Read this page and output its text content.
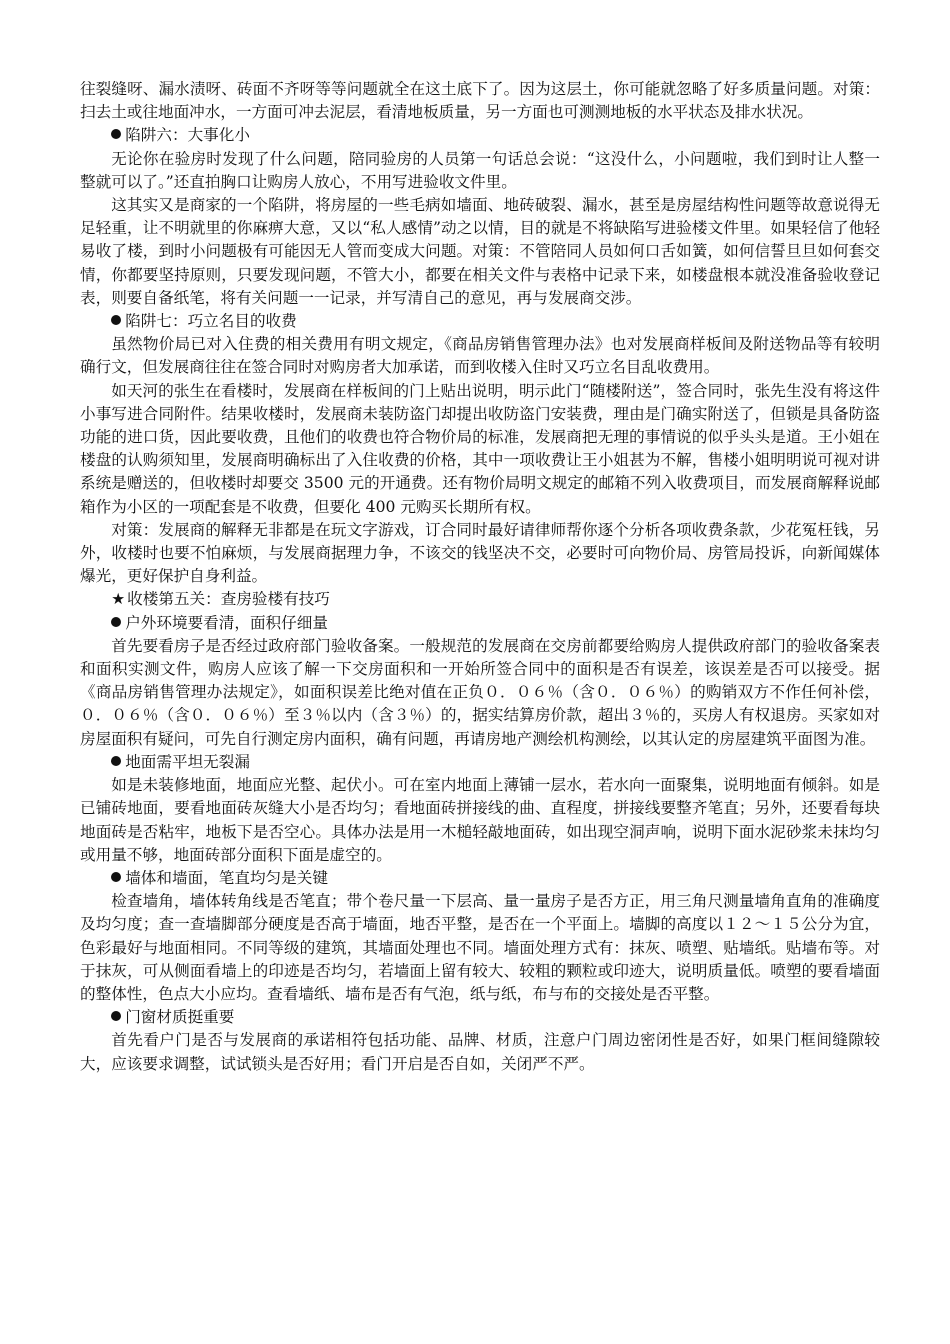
往裂缝呀、漏水渍呀、砖面不齐呀等等问题就全在这土底下了。因为这层土，你可能就忽略了好多质量问题。对策：扫去土或往地面冲水，一方面可冲去泥层，看清地板质量，另一方面也可测测地板的水平状态及排水状况。

陷阱六：大事化小

无论你在验房时发现了什么问题，陪同验房的人员第一句话总会说：“这没什么，小问题啦，我们到时让人整一整就可以了。”还直拍胸口让购房人放心，不用写进验收文件里。

这其实又是商家的一个陷阱，将房屋的一些毛病如墙面、地砖破裂、漏水，甚至是房屋结构性问题等故意说得无足轻重，让不明就里的你麻痹大意，又以“私人感情”动之以情，目的就是不将缺陷写进验楼文件里。如果轻信了他轻易收了楼，到时小问题极有可能因无人管而变成大问题。对策：不管陪同人员如何口舌如簧，如何信誓旦旦如何套交情，你都要坚持原则，只要发现问题，不管大小，都要在相关文件与表格中记录下来，如楼盘根本就没准备验收登记表，则要自备纸笔，将有关问题一一记录，并写清自己的意见，再与发展商交涉。

陷阱七：巧立名目的收费

虽然物价局已对入住费的相关费用有明文规定，《商品房销售管理办法》也对发展商样板间及附送物品等有较明确行文，但发展商往往在签合同时对购房者大加承诺，而到收楼入住时又巧立名目乱收费用。

如天河的张生在看楼时，发展商在样板间的门上贴出说明，明示此门“随楼附送”，签合同时，张先生没有将这件小事写进合同附件。结果收楼时，发展商未装防盗门却提出收防盗门安装费，理由是门确实附送了，但锁是具备防盗功能的进口货，因此要收费，且他们的收费也符合物价局的标准，发展商把无理的事情说的似乎头头是道。王小姐在楼盘的认购须知里，发展商明确标出了入住收费的价格，其中一项收费让王小姐甚为不解，售楼小姐明明说可视对讲系统是赠送的，但收楼时却要交 3500 元的开通费。还有物价局明文规定的邮箱不列入收费项目，而发展商解释说邮箱作为小区的一项配套是不收费，但要化 400 元购买长期所有权。

对策：发展商的解释无非都是在玩文字游戏，订合同时最好请律师帮你逐个分析各项收费条款，少花冤枉钱，另外，收楼时也要不怕麻烦，与发展商据理力争，不该交的钱坚决不交，必要时可向物价局、房管局投诉，向新闻媒体爆光，更好保护自身利益。

★ 收楼第五关：查房验楼有技巧

户外环境要看清，面积仔细量

首先要看房子是否经过政府部门验收备案。一般规范的发展商在交房前都要给购房人提供政府部门的验收备案表和面积实测文件，购房人应该了解一下交房面积和一开始所签合同中的面积是否有误差，该误差是否可以接受。据《商品房销售管理办法规定》，如面积误差比绝对值在正负０．０６％（含０．０６％）的购销双方不作任何补偿，０．０６％（含０．０６％）至３％以内（含３％）的，据实结算房价款，超出３％的，买房人有权退房。买家如对房屋面积有疑问，可先自行测定房内面积，确有问题，再请房地产测绘机构测绘，以其认定的房屋建筑平面图为准。

地面需平坦无裂漏

如是未装修地面，地面应光整、起伏小。可在室内地面上薄铺一层水，若水向一面聚集，说明地面有倾斜。如是已铺砖地面，要看地面砖灰缝大小是否均匀；看地面砖拼接线的曲、直程度，拼接线要整齐笔直；另外，还要看每块地面砖是否粘牢，地板下是否空心。具体办法是用一木槌轻敲地面砖，如出现空洞声响，说明下面水泥砂浆未抹均匀或用量不够，地面砖部分面积下面是虚空的。

墙体和墙面，笔直均匀是关键

检查墙角，墙体转角线是否笔直；带个卷尺量一下层高、量一量房子是否方正，用三角尺测量墙角直角的准确度及均匀度；查一查墙脚部分硬度是否高于墙面，地否平整，是否在一个平面上。墙脚的高度以１２～１５公分为宜，色彩最好与地面相同。不同等级的建筑，其墙面处理也不同。墙面处理方式有：抹灰、喷塑、贴墙纸。贴墙布等。对于抹灰，可从侧面看墙上的印迹是否均匀，若墙面上留有较大、较粗的颗粒或印迹大，说明质量低。喷塑的要看墙面的整体性，色点大小应均。查看墙纸、墙布是否有气泡，纸与纸，布与布的交接处是否平整。

门窗材质挺重要

首先看户门是否与发展商的承诺相符包括功能、品牌、材质，注意户门周边密闭性是否好，如果门框间缝隙较大，应该要求调整，试试锁头是否好用；看门开启是否自如，关闭严不严。
